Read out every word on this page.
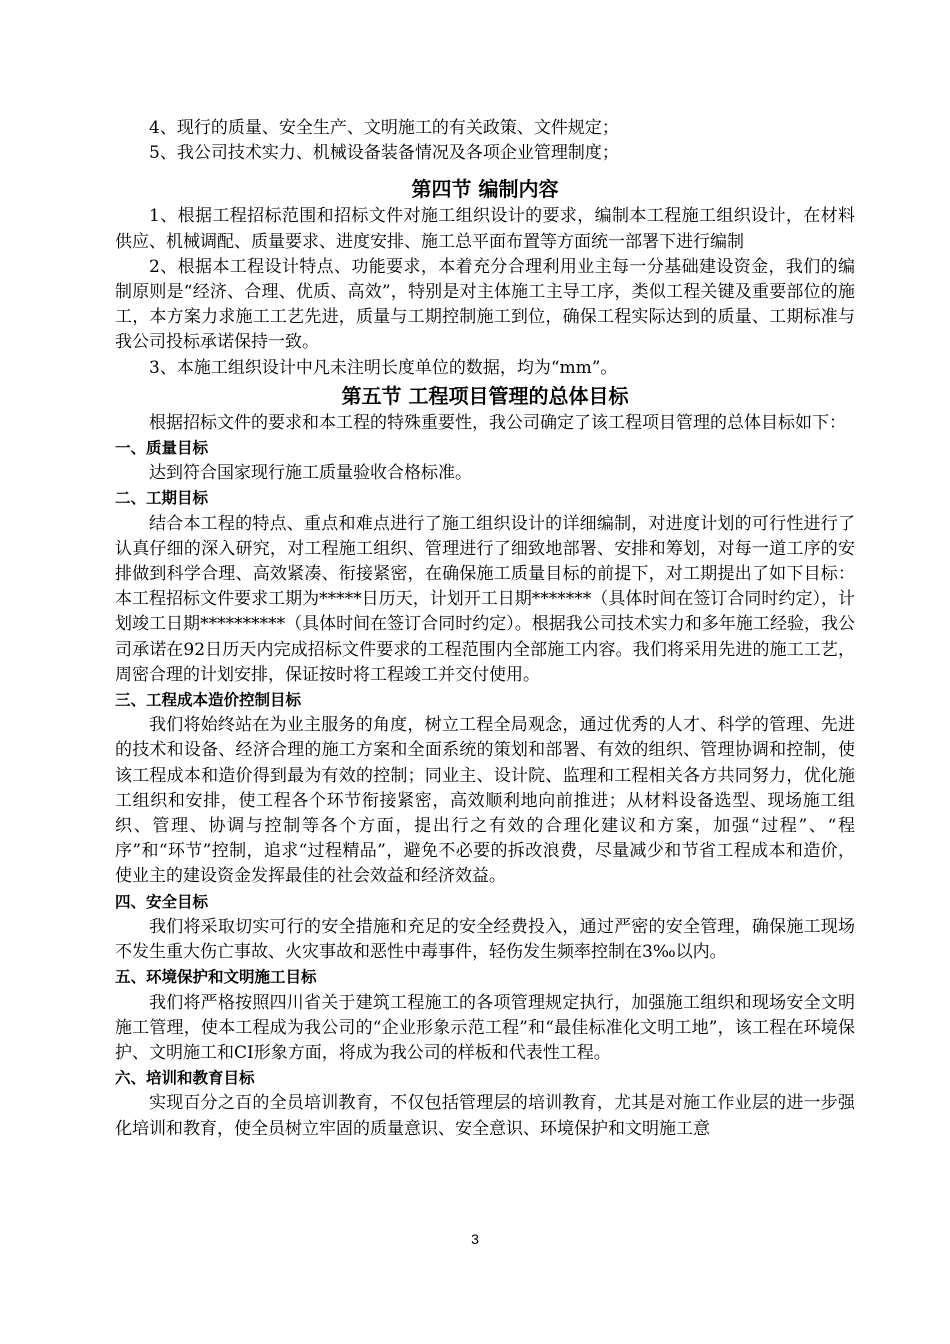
4、现行的质量、安全生产、文明施工的有关政策、文件规定；

5、我公司技术实力、机械设备装备情况及各项企业管理制度；

第四节 编制内容

1、根据工程招标范围和招标文件对施工组织设计的要求，编制本工程施工组织设计，在材料供应、机械调配、质量要求、进度安排、施工总平面布置等方面统一部署下进行编制

2、根据本工程设计特点、功能要求，本着充分合理利用业主每一分基础建设资金，我们的编制原则是“经济、合理、优质、高效”，特别是对主体施工主导工序，类似工程关键及重要部位的施工，本方案力求施工工艺先进，质量与工期控制施工到位，确保工程实际达到的质量、工期标准与我公司投标承诺保持一致。

3、本施工组织设计中凡未注明长度单位的数据，均为“mm”。

第五节 工程项目管理的总体目标

根据招标文件的要求和本工程的特殊重要性，我公司确定了该工程项目管理的总体目标如下：

一、质量目标

达到符合国家现行施工质量验收合格标准。

二、工期目标

结合本工程的特点、重点和难点进行了施工组织设计的详细编制，对进度计划的可行性进行了认真仔细的深入研究，对工程施工组织、管理进行了细致地部署、安排和筹划，对每一道工序的安排做到科学合理、高效紧凑、衔接紧密，在确保施工质量目标的前提下，对工期提出了如下目标：本工程招标文件要求工期为*****日历天，计划开工日期*******（具体时间在签订合同时约定），计划竣工日期**********（具体时间在签订合同时约定）。根据我公司技术实力和多年施工经验，我公司承诺在92日历天内完成招标文件要求的工程范围内全部施工内容。我们将采用先进的施工工艺，周密合理的计划安排，保证按时将工程竣工并交付使用。

三、工程成本造价控制目标

我们将始终站在为业主服务的角度，树立工程全局观念，通过优秀的人才、科学的管理、先进的技术和设备、经济合理的施工方案和全面系统的策划和部署、有效的组织、管理协调和控制，使该工程成本和造价得到最为有效的控制；同业主、设计院、监理和工程相关各方共同努力，优化施工组织和安排，使工程各个环节衔接紧密，高效顺利地向前推进；从材料设备选型、现场施工组织、管理、协调与控制等各个方面，提出行之有效的合理化建议和方案，加强“过程”、“程序”和“环节”控制，追求“过程精品”，避免不必要的拆改浪费，尽量减少和节省工程成本和造价，使业主的建设资金发挥最佳的社会效益和经济效益。

四、安全目标

我们将采取切实可行的安全措施和充足的安全经费投入，通过严密的安全管理，确保施工现场不发生重大伤亡事故、火灾事故和恶性中毒事件，轻伤发生频率控制在3‰以内。

五、环境保护和文明施工目标

我们将严格按照四川省关于建筑工程施工的各项管理规定执行，加强施工组织和现场安全文明施工管理，使本工程成为我公司的“企业形象示范工程”和“最佳标准化文明工地”，该工程在环境保护、文明施工和CI形象方面，将成为我公司的样板和代表性工程。

六、培训和教育目标

实现百分之百的全员培训教育，不仅包括管理层的培训教育，尤其是对施工作业层的进一步强化培训和教育，使全员树立牢固的质量意识、安全意识、环境保护和文明施工意

3
